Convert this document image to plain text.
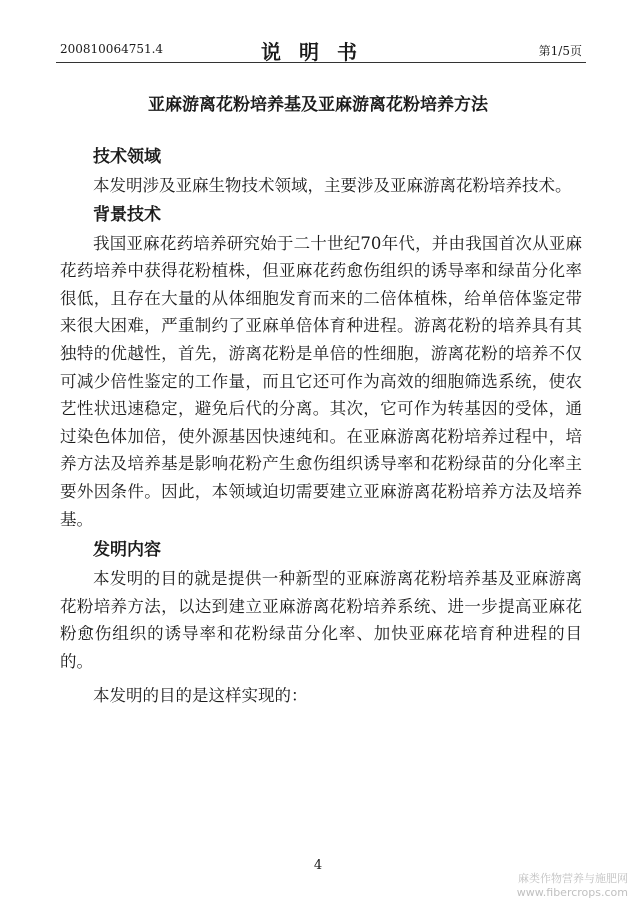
200810064751.4	说明书	第1/5页
亚麻游离花粉培养基及亚麻游离花粉培养方法

技术领域

本发明涉及亚麻生物技术领域，主要涉及亚麻游离花粉培养技术。

背景技术

我国亚麻花药培养研究始于二十世纪70年代，并由我国首次从亚麻花药培养中获得花粉植株，但亚麻花药愈伤组织的诱导率和绿苗分化率很低，且存在大量的从体细胞发育而来的二倍体植株，给单倍体鉴定带来很大困难，严重制约了亚麻单倍体育种进程。游离花粉的培养具有其独特的优越性，首先，游离花粉是单倍的性细胞，游离花粉的培养不仅可减少倍性鉴定的工作量，而且它还可作为高效的细胞筛选系统，使农艺性状迅速稳定，避免后代的分离。其次，它可作为转基因的受体，通过染色体加倍，使外源基因快速纯和。在亚麻游离花粉培养过程中，培养方法及培养基是影响花粉产生愈伤组织诱导率和花粉绿苗的分化率主要外因条件。因此，本领域迫切需要建立亚麻游离花粉培养方法及培养基。

发明内容

本发明的目的就是提供一种新型的亚麻游离花粉培养基及亚麻游离花粉培养方法，以达到建立亚麻游离花粉培养系统、进一步提高亚麻花粉愈伤组织的诱导率和花粉绿苗分化率、加快亚麻花培育种进程的目的。

本发明的目的是这样实现的：

4
麻类作物营养与施肥网
www.fibercrops.com
